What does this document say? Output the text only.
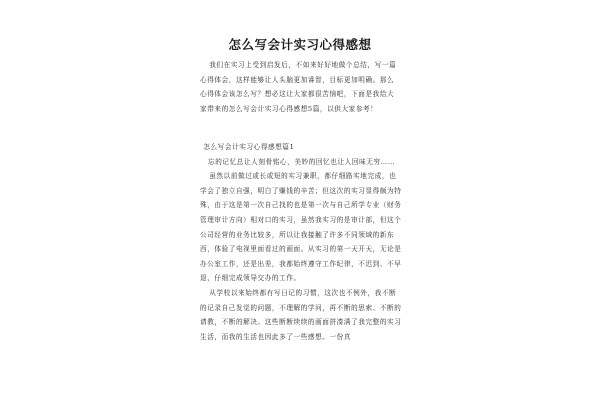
怎么写会计实习心得感想

我们在实习上受到启发后，不如来好好地做个总结，写一篇心得体会，这样能够让人头脑更加睿智，目标更加明确。那么心得体会该怎么写？想必这让大家都很苦恼吧，下面是我给大家带来的怎么写会计实习心得感想5篇，以供大家参考！

怎么写会计实习心得感想篇1

忘的记忆总让人刻骨铭心，美妙的回忆也让人回味无穷……

虽然以前做过或长或短的实习兼职，都仔细路实地完成，也学会了独立自强，明白了赚钱的辛苦；但这次的实习显得颇为特殊，由于这是第一次自己找的也是第一次与自己所学专业（财务管理审计方向）相对口的实习，虽然我实习的是审计部，但这个公司经营的业务比较多，所以让我接触了许多不同领域的新东西，体验了电视里面看过的画面。从实习的第一天开天，无论是办公室工作，还是出差，我都始终遵守工作纪律，不迟到、不早退，仔细完成领导交办的工作。

从学校以来始终都有写日记的习惯，这次也不例外，我不断的记录自己发觉的问题，不理解的学问，再不断的思索、不断的请教，不断的解决。这些断断续续的画面拼凑满了我完整的实习生活，而我的生活也因此多了一些感想。一份真
